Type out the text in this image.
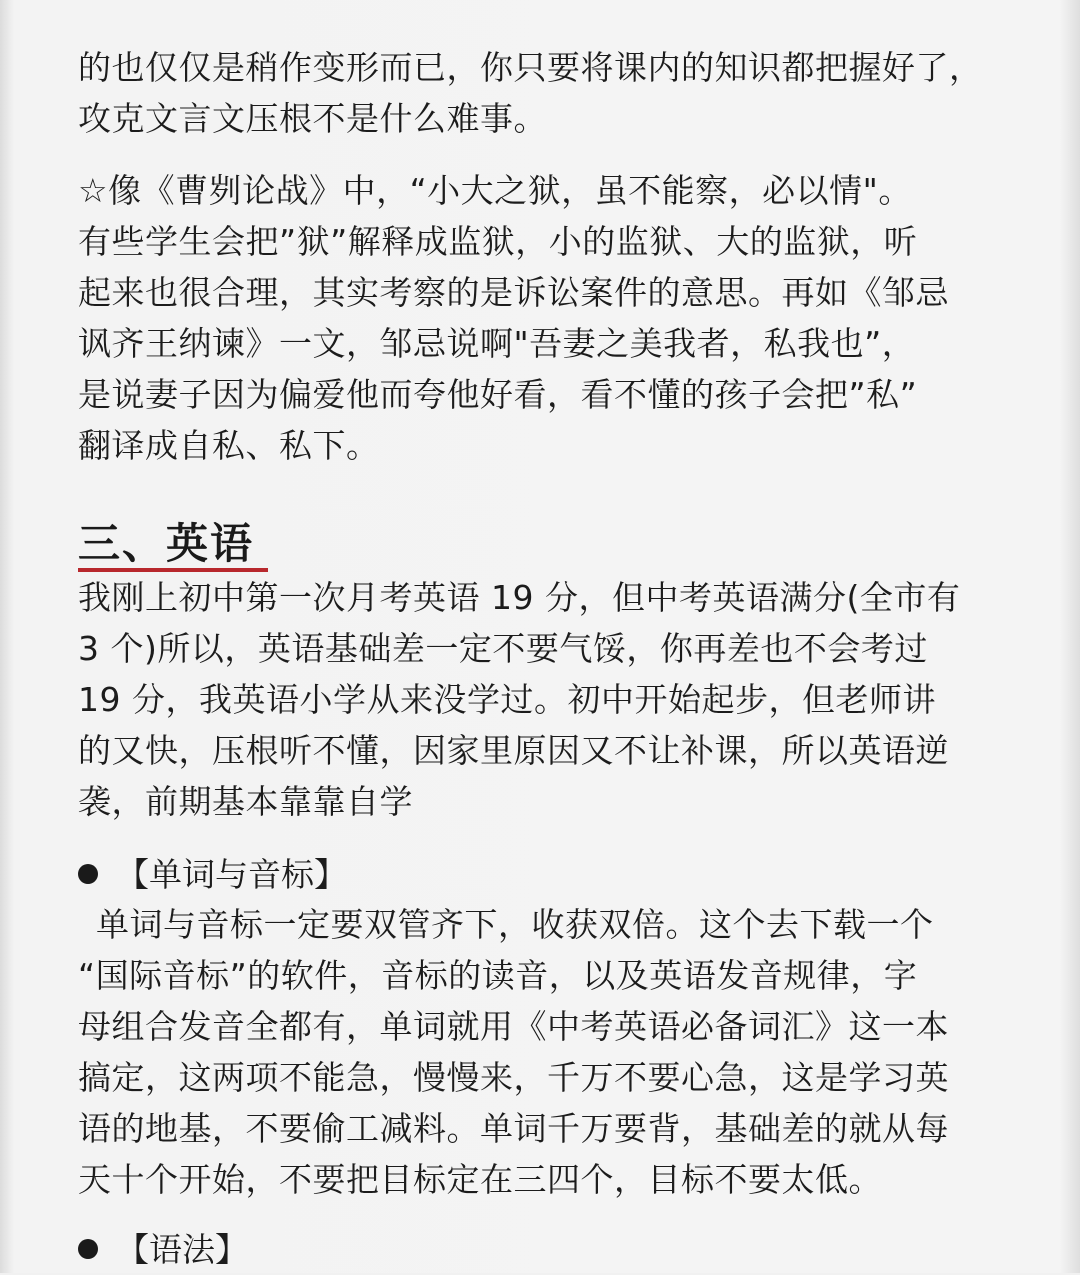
的也仅仅是稍作变形而已，你只要将课内的知识都把握好了，
攻克文言文压根不是什么难事。
☆像《曹刿论战》中，“小大之狱，虽不能察，必以情"。
有些学生会把”狱”解释成监狱，小的监狱、大的监狱，听
起来也很合理，其实考察的是诉讼案件的意思。再如《邹忌
讽齐王纳谏》一文，邹忌说啊"吾妻之美我者，私我也”，
是说妻子因为偏爱他而夸他好看，看不懂的孩子会把”私”
翻译成自私、私下。
三、英语
我刚上初中第一次月考英语 19 分，但中考英语满分(全市有
3 个)所以，英语基础差一定不要气馁，你再差也不会考过
19 分，我英语小学从来没学过。初中开始起步，但老师讲
的又快，压根听不懂，因家里原因又不让补课，所以英语逆
袭，前期基本靠靠自学
【单词与音标】
单词与音标一定要双管齐下，收获双倍。这个去下载一个
“国际音标”的软件，音标的读音，以及英语发音规律，字
母组合发音全都有，单词就用《中考英语必备词汇》这一本
搞定，这两项不能急，慢慢来，千万不要心急，这是学习英
语的地基，不要偷工减料。单词千万要背，基础差的就从每
天十个开始，不要把目标定在三四个，目标不要太低。
【语法】
